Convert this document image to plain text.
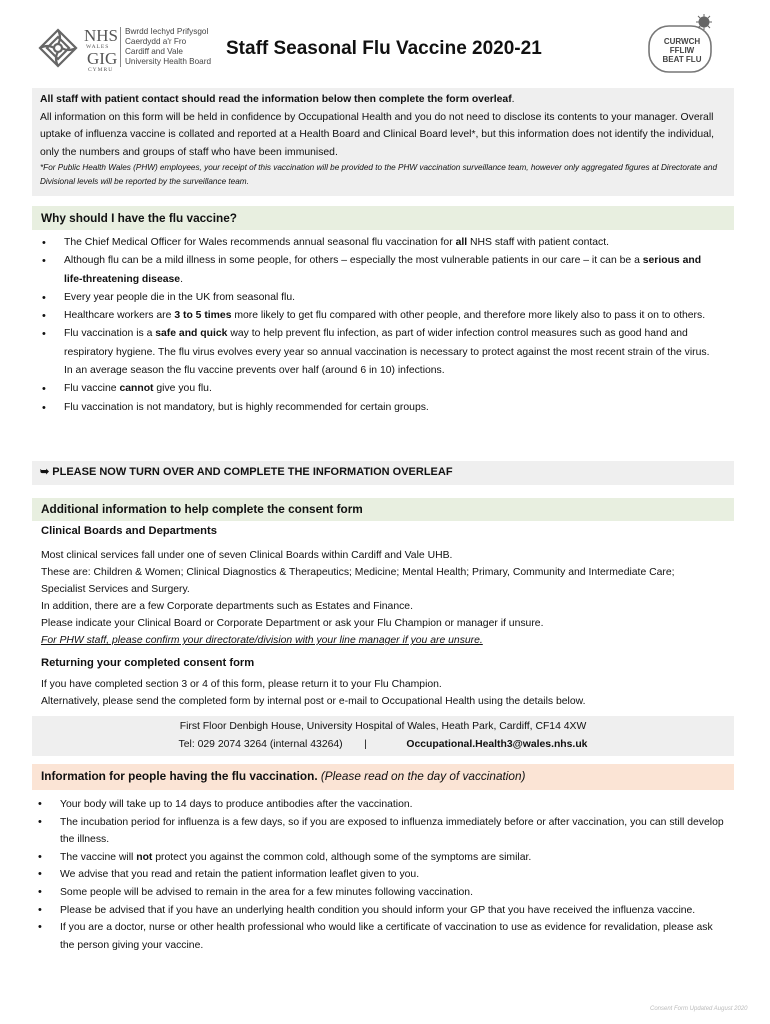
NHS
WALES
GIG
CYMRU
Bwrdd Iechyd Prifysgol
Caerdydd a'r Fro
Cardiff and Vale
University Health Board
Staff Seasonal Flu Vaccine 2020-21	CURWCH
FFLIW
BEAT FLU
All staff with patient contact should read the information below then complete the form overleaf.
All information on this form will be held in confidence by Occupational Health and you do not need to disclose its contents to your manager. Overall uptake of influenza vaccine is collated and reported at a Health Board and Clinical Board level*, but this information does not identify the individual, only the numbers and groups of staff who have been immunised.
*For Public Health Wales (PHW) employees, your receipt of this vaccination will be provided to the PHW vaccination surveillance team, however only aggregated figures at Directorate and Divisional levels will be reported by the surveillance team.
Why should I have the flu vaccine?
• The Chief Medical Officer for Wales recommends annual seasonal flu vaccination for all NHS staff with patient contact.
• Although flu can be a mild illness in some people, for others – especially the most vulnerable patients in our care – it can be a serious and life-threatening disease.
• Every year people die in the UK from seasonal flu.
• Healthcare workers are 3 to 5 times more likely to get flu compared with other people, and therefore more likely also to pass it on to others.
• Flu vaccination is a safe and quick way to help prevent flu infection, as part of wider infection control measures such as good hand and respiratory hygiene. The flu virus evolves every year so annual vaccination is necessary to protect against the most recent strain of the virus. In an average season the flu vaccine prevents over half (around 6 in 10) infections.
• Flu vaccine cannot give you flu.
• Flu vaccination is not mandatory, but is highly recommended for certain groups.
➥ PLEASE NOW TURN OVER AND COMPLETE THE INFORMATION OVERLEAF
Additional information to help complete the consent form
Clinical Boards and Departments
Most clinical services fall under one of seven Clinical Boards within Cardiff and Vale UHB.
These are: Children & Women; Clinical Diagnostics & Therapeutics; Medicine; Mental Health; Primary, Community and Intermediate Care; Specialist Services and Surgery.
In addition, there are a few Corporate departments such as Estates and Finance.
Please indicate your Clinical Board or Corporate Department or ask your Flu Champion or manager if unsure.
For PHW staff, please confirm your directorate/division with your line manager if you are unsure.
Returning your completed consent form
If you have completed section 3 or 4 of this form, please return it to your Flu Champion.
Alternatively, please send the completed form by internal post or e-mail to Occupational Health using the details below.
First Floor Denbigh House, University Hospital of Wales, Heath Park, Cardiff, CF14 4XW
Tel: 029 2074 3264 (internal 43264) |	Occupational.Health3@wales.nhs.uk
Information for people having the flu vaccination. (Please read on the day of vaccination)
• Your body will take up to 14 days to produce antibodies after the vaccination.
• The incubation period for influenza is a few days, so if you are exposed to influenza immediately before or after vaccination, you can still develop the illness.
• The vaccine will not protect you against the common cold, although some of the symptoms are similar.
• We advise that you read and retain the patient information leaflet given to you.
• Some people will be advised to remain in the area for a few minutes following vaccination.
• Please be advised that if you have an underlying health condition you should inform your GP that you have received the influenza vaccine.
• If you are a doctor, nurse or other health professional who would like a certificate of vaccination to use as evidence for revalidation, please ask the person giving your vaccine.
Consent Form Updated August 2020
